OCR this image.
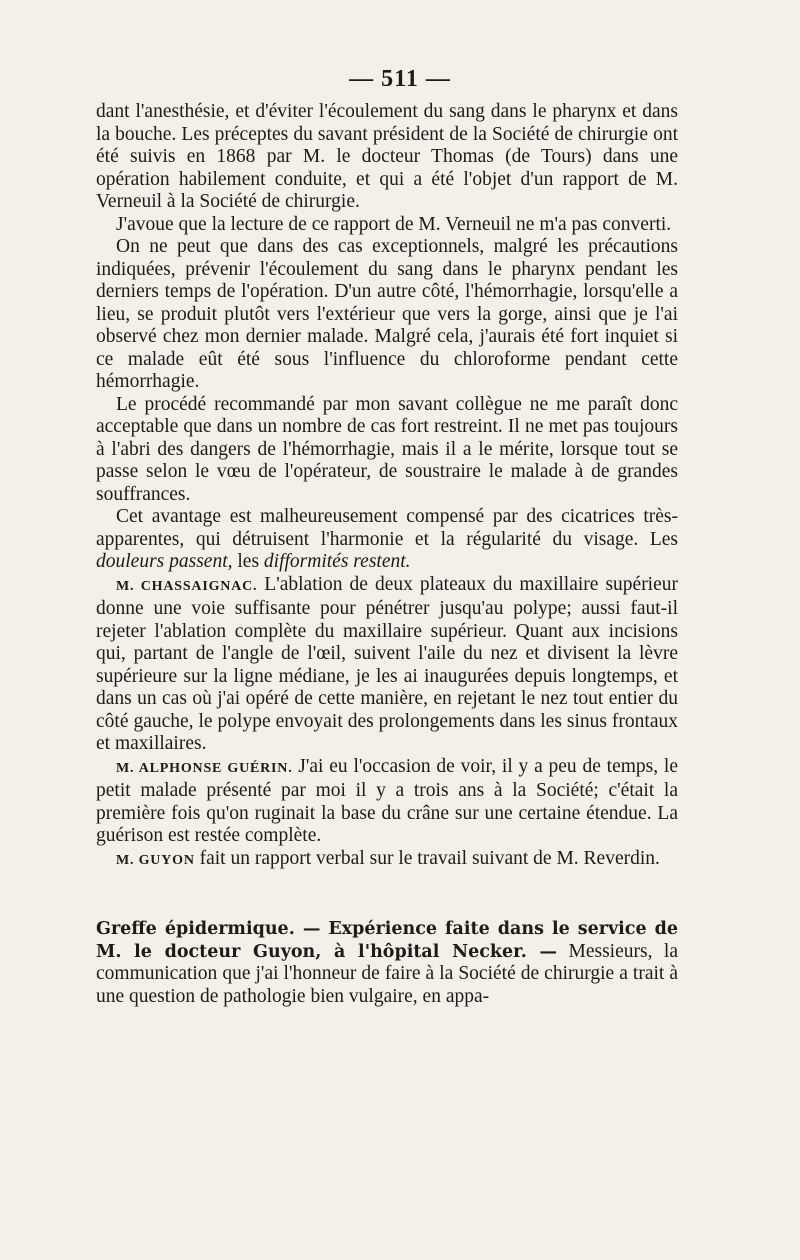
— 511 —

dant l'anesthésie, et d'éviter l'écoulement du sang dans le pharynx et dans la bouche. Les préceptes du savant président de la Société de chirurgie ont été suivis en 1868 par M. le docteur Thomas (de Tours) dans une opération habilement conduite, et qui a été l'objet d'un rapport de M. Verneuil à la Société de chirurgie.

J'avoue que la lecture de ce rapport de M. Verneuil ne m'a pas converti.

On ne peut que dans des cas exceptionnels, malgré les précautions indiquées, prévenir l'écoulement du sang dans le pharynx pendant les derniers temps de l'opération. D'un autre côté, l'hémorrhagie, lorsqu'elle a lieu, se produit plutôt vers l'extérieur que vers la gorge, ainsi que je l'ai observé chez mon dernier malade. Malgré cela, j'aurais été fort inquiet si ce malade eût été sous l'influence du chloroforme pendant cette hémorrhagie.

Le procédé recommandé par mon savant collègue ne me paraît donc acceptable que dans un nombre de cas fort restreint. Il ne met pas toujours à l'abri des dangers de l'hémorrhagie, mais il a le mérite, lorsque tout se passe selon le vœu de l'opérateur, de soustraire le malade à de grandes souffrances.

Cet avantage est malheureusement compensé par des cicatrices très-apparentes, qui détruisent l'harmonie et la régularité du visage. Les douleurs passent, les difformités restent.

M. CHASSAIGNAC. L'ablation de deux plateaux du maxillaire supérieur donne une voie suffisante pour pénétrer jusqu'au polype; aussi faut-il rejeter l'ablation complète du maxillaire supérieur. Quant aux incisions qui, partant de l'angle de l'œil, suivent l'aile du nez et divisent la lèvre supérieure sur la ligne médiane, je les ai inaugurées depuis longtemps, et dans un cas où j'ai opéré de cette manière, en rejetant le nez tout entier du côté gauche, le polype envoyait des prolongements dans les sinus frontaux et maxillaires.

M. ALPHONSE GUÉRIN. J'ai eu l'occasion de voir, il y a peu de temps, le petit malade présenté par moi il y a trois ans à la Société; c'était la première fois qu'on ruginait la base du crâne sur une certaine étendue. La guérison est restée complète.

M. GUYON fait un rapport verbal sur le travail suivant de M. Reverdin.

Greffe épidermique. — Expérience faite dans le service de M. le docteur Guyon, à l'hôpital Necker. — Messieurs, la communication que j'ai l'honneur de faire à la Société de chirurgie a trait à une question de pathologie bien vulgaire, en appa-
